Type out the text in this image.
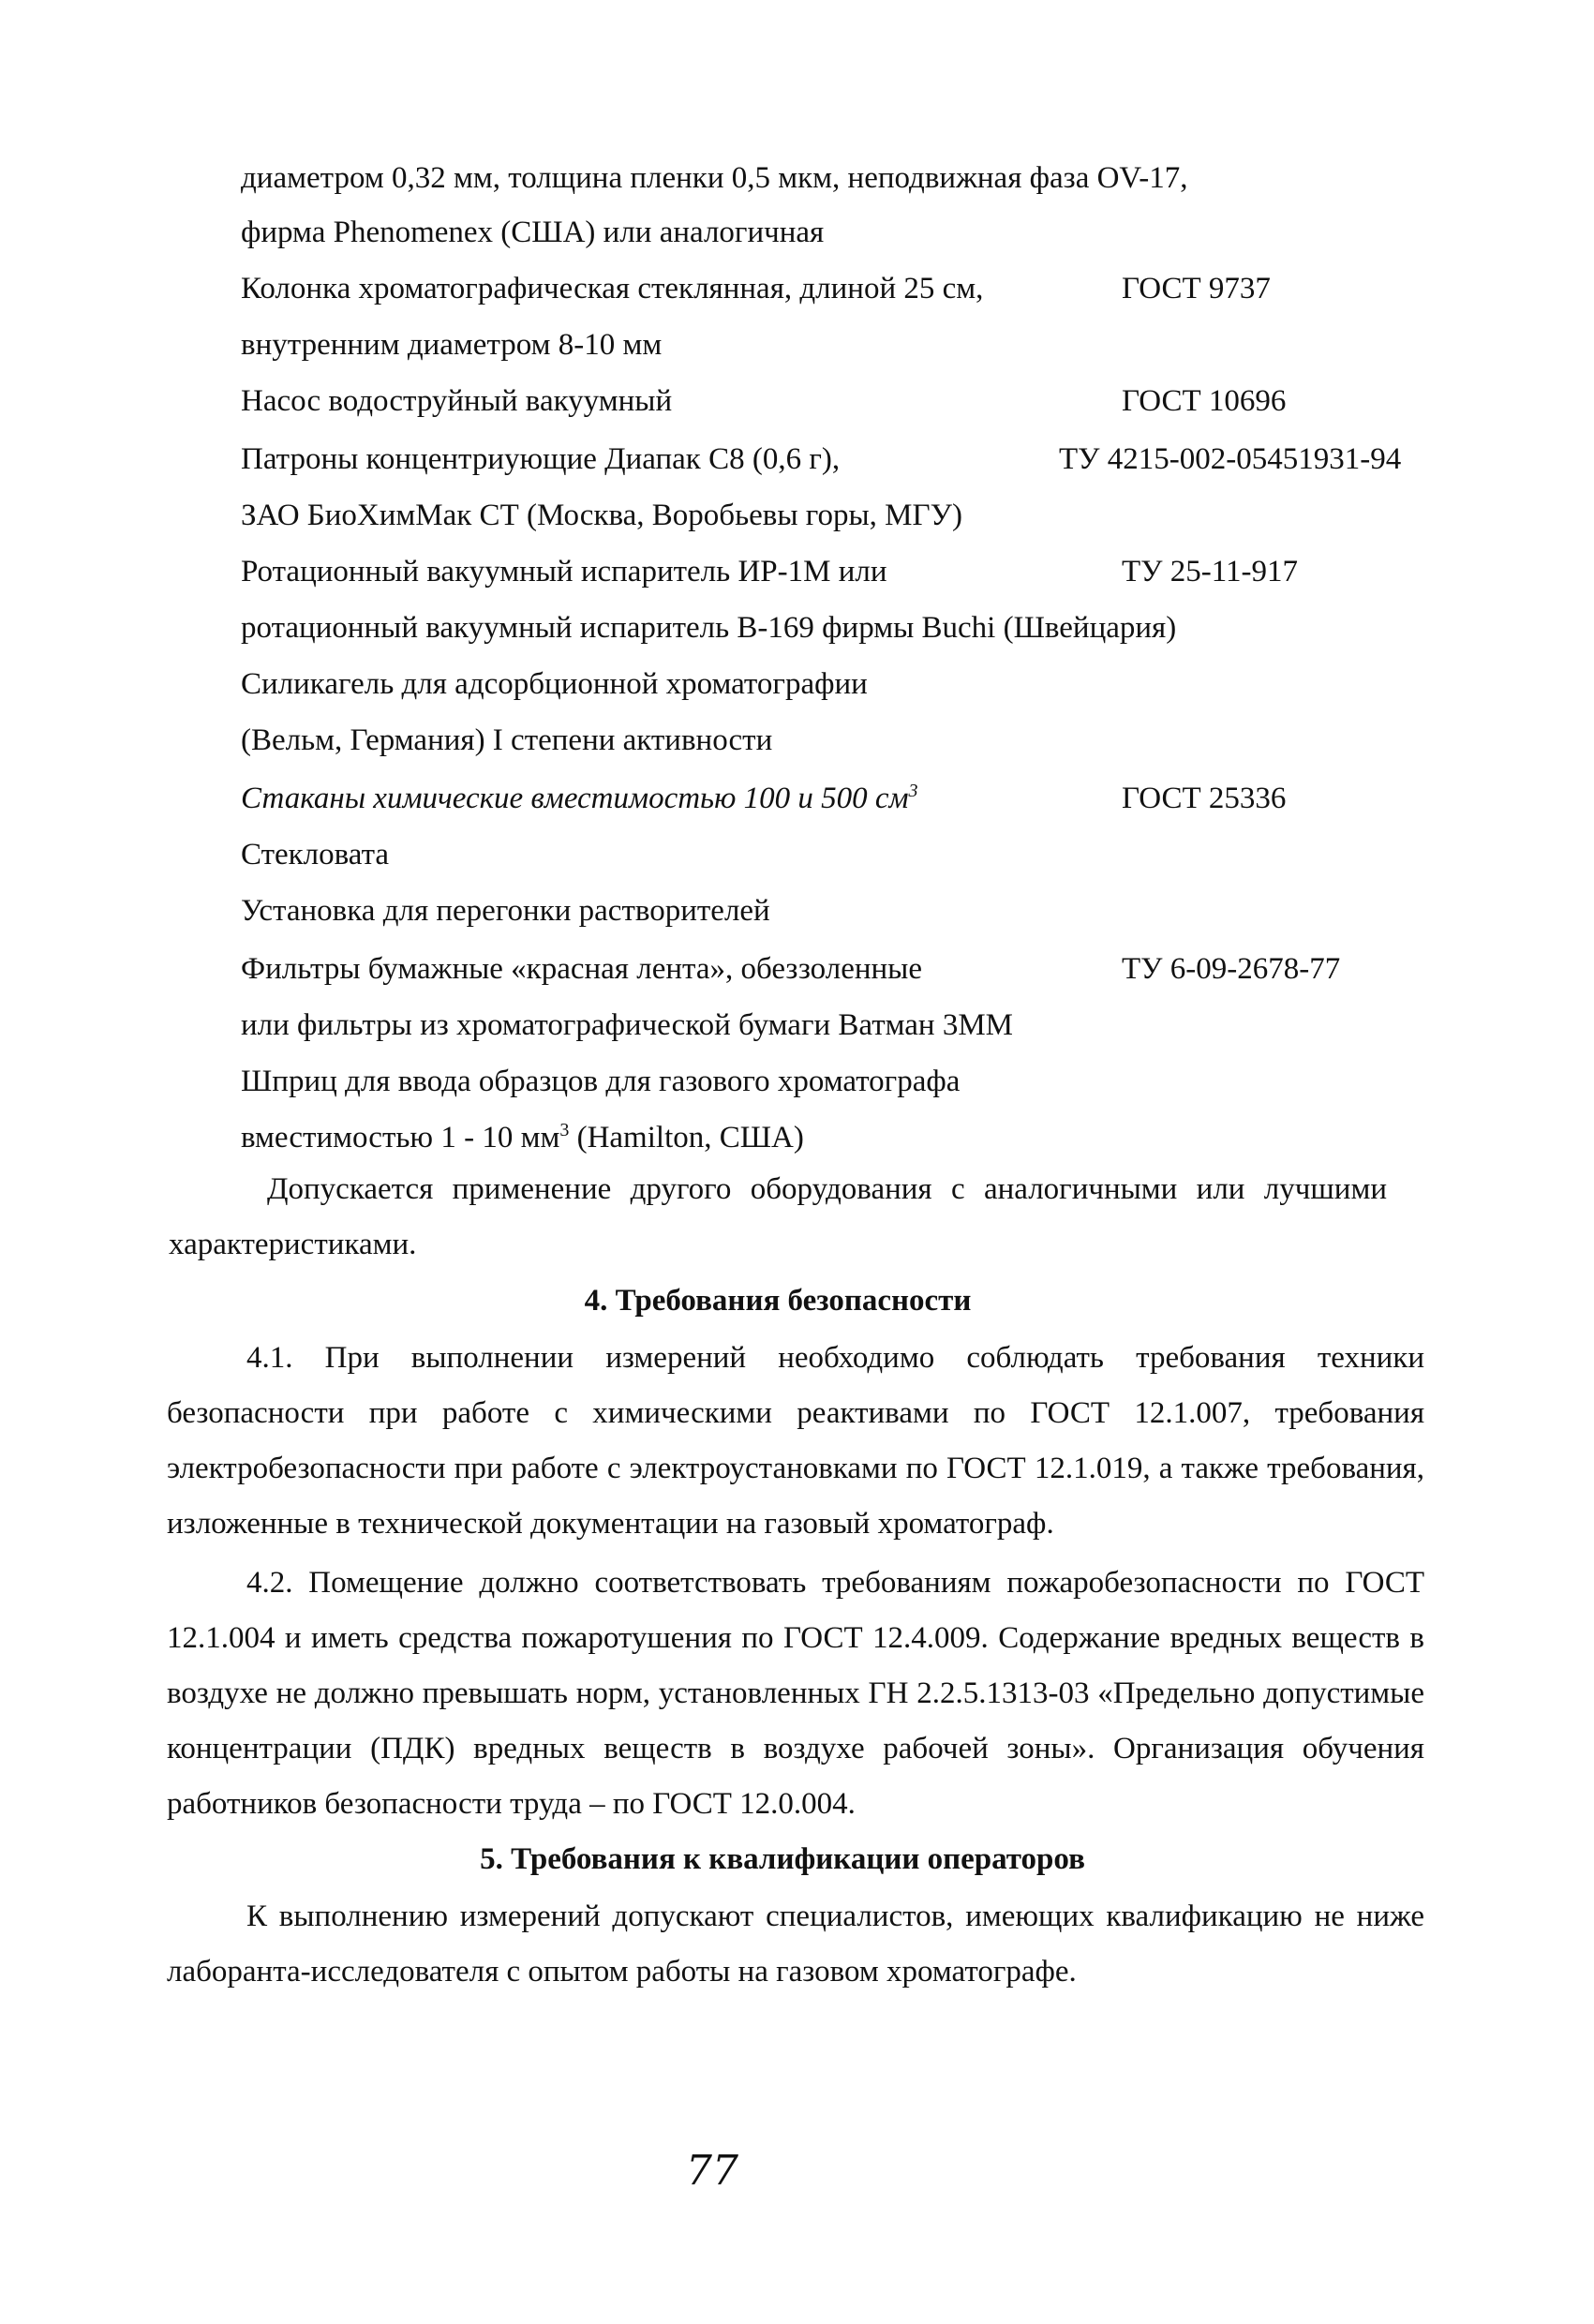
диаметром 0,32 мм, толщина пленки 0,5 мкм, неподвижная фаза OV-17,
фирма Phenomenex (США) или аналогичная
Колонка хроматографическая стеклянная, длиной 25 см,	ГОСТ 9737
внутренним диаметром 8-10 мм
Насос водоструйный вакуумный	ГОСТ 10696
Патроны концентриующие Диапак С8 (0,6 г),	ТУ 4215-002-05451931-94
ЗАО БиоХимМак СТ (Москва, Воробьевы горы, МГУ)
Ротационный вакуумный испаритель ИР-1М или	ТУ 25-11-917
ротационный вакуумный испаритель В-169 фирмы Buchi (Швейцария)
Силикагель для адсорбционной хроматографии
(Вельм, Германия) I степени активности
Стаканы химические вместимостью 100 и 500 $см^3$	ГОСТ 25336
Стекловата
Установка для перегонки растворителей
Фильтры бумажные «красная лента», обеззоленные	ТУ 6-09-2678-77
или фильтры из хроматографической бумаги Ватман 3ММ
Шприц для ввода образцов для газового хроматографа
вместимостью 1 - 10 $мм^3$ (Hamilton, США)
Допускается применение другого оборудования с аналогичными или лучшими характеристиками.
4. Требования безопасности
4.1. При выполнении измерений необходимо соблюдать требования техники безопасности при работе с химическими реактивами по ГОСТ 12.1.007, требования электробезопасности при работе с электроустановками по ГОСТ 12.1.019, а также требования, изложенные в технической документации на газовый хроматограф.
4.2. Помещение должно соответствовать требованиям пожаробезопасности по ГОСТ 12.1.004 и иметь средства пожаротушения по ГОСТ 12.4.009. Содержание вредных веществ в воздухе не должно превышать норм, установленных ГН 2.2.5.1313-03 «Предельно допустимые концентрации (ПДК) вредных веществ в воздухе рабочей зоны». Организация обучения работников безопасности труда – по ГОСТ 12.0.004.
5. Требования к квалификации операторов
К выполнению измерений допускают специалистов, имеющих квалификацию не ниже лаборанта-исследователя с опытом работы на газовом хроматографе.
77
